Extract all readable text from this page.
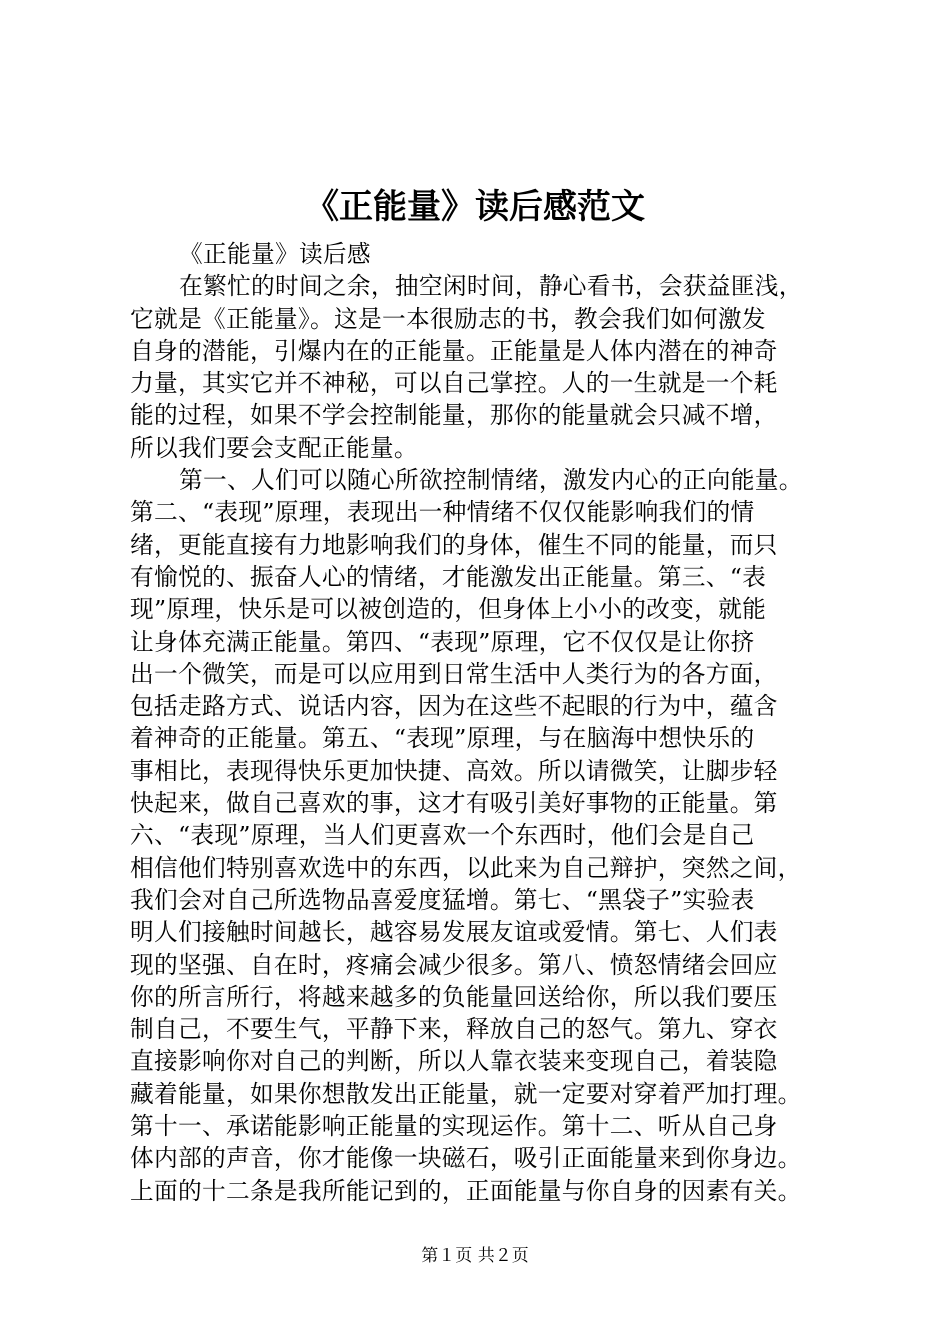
《正能量》读后感范文
《正能量》读后感
在繁忙的时间之余，抽空闲时间，静心看书，会获益匪浅，
它就是《正能量》。这是一本很励志的书，教会我们如何激发
自身的潜能，引爆内在的正能量。正能量是人体内潜在的神奇
力量，其实它并不神秘，可以自己掌控。人的一生就是一个耗
能的过程，如果不学会控制能量，那你的能量就会只减不增，
所以我们要会支配正能量。
第一、人们可以随心所欲控制情绪，激发内心的正向能量。
第二、“表现”原理，表现出一种情绪不仅仅能影响我们的情
绪，更能直接有力地影响我们的身体，催生不同的能量，而只
有愉悦的、振奋人心的情绪，才能激发出正能量。第三、“表
现”原理，快乐是可以被创造的，但身体上小小的改变，就能
让身体充满正能量。第四、“表现”原理，它不仅仅是让你挤
出一个微笑，而是可以应用到日常生活中人类行为的各方面，
包括走路方式、说话内容，因为在这些不起眼的行为中，蕴含
着神奇的正能量。第五、“表现”原理，与在脑海中想快乐的
事相比，表现得快乐更加快捷、高效。所以请微笑，让脚步轻
快起来，做自己喜欢的事，这才有吸引美好事物的正能量。第
六、“表现”原理，当人们更喜欢一个东西时，他们会是自己
相信他们特别喜欢选中的东西，以此来为自己辩护，突然之间，
我们会对自己所选物品喜爱度猛增。第七、“黑袋子”实验表
明人们接触时间越长，越容易发展友谊或爱情。第七、人们表
现的坚强、自在时，疼痛会减少很多。第八、愤怒情绪会回应
你的所言所行，将越来越多的负能量回送给你，所以我们要压
制自己，不要生气，平静下来，释放自己的怒气。第九、穿衣
直接影响你对自己的判断，所以人靠衣装来变现自己，着装隐
藏着能量，如果你想散发出正能量，就一定要对穿着严加打理。
第十一、承诺能影响正能量的实现运作。第十二、听从自己身
体内部的声音，你才能像一块磁石，吸引正面能量来到你身边。
上面的十二条是我所能记到的，正面能量与你自身的因素有关。
第１页 共２页
